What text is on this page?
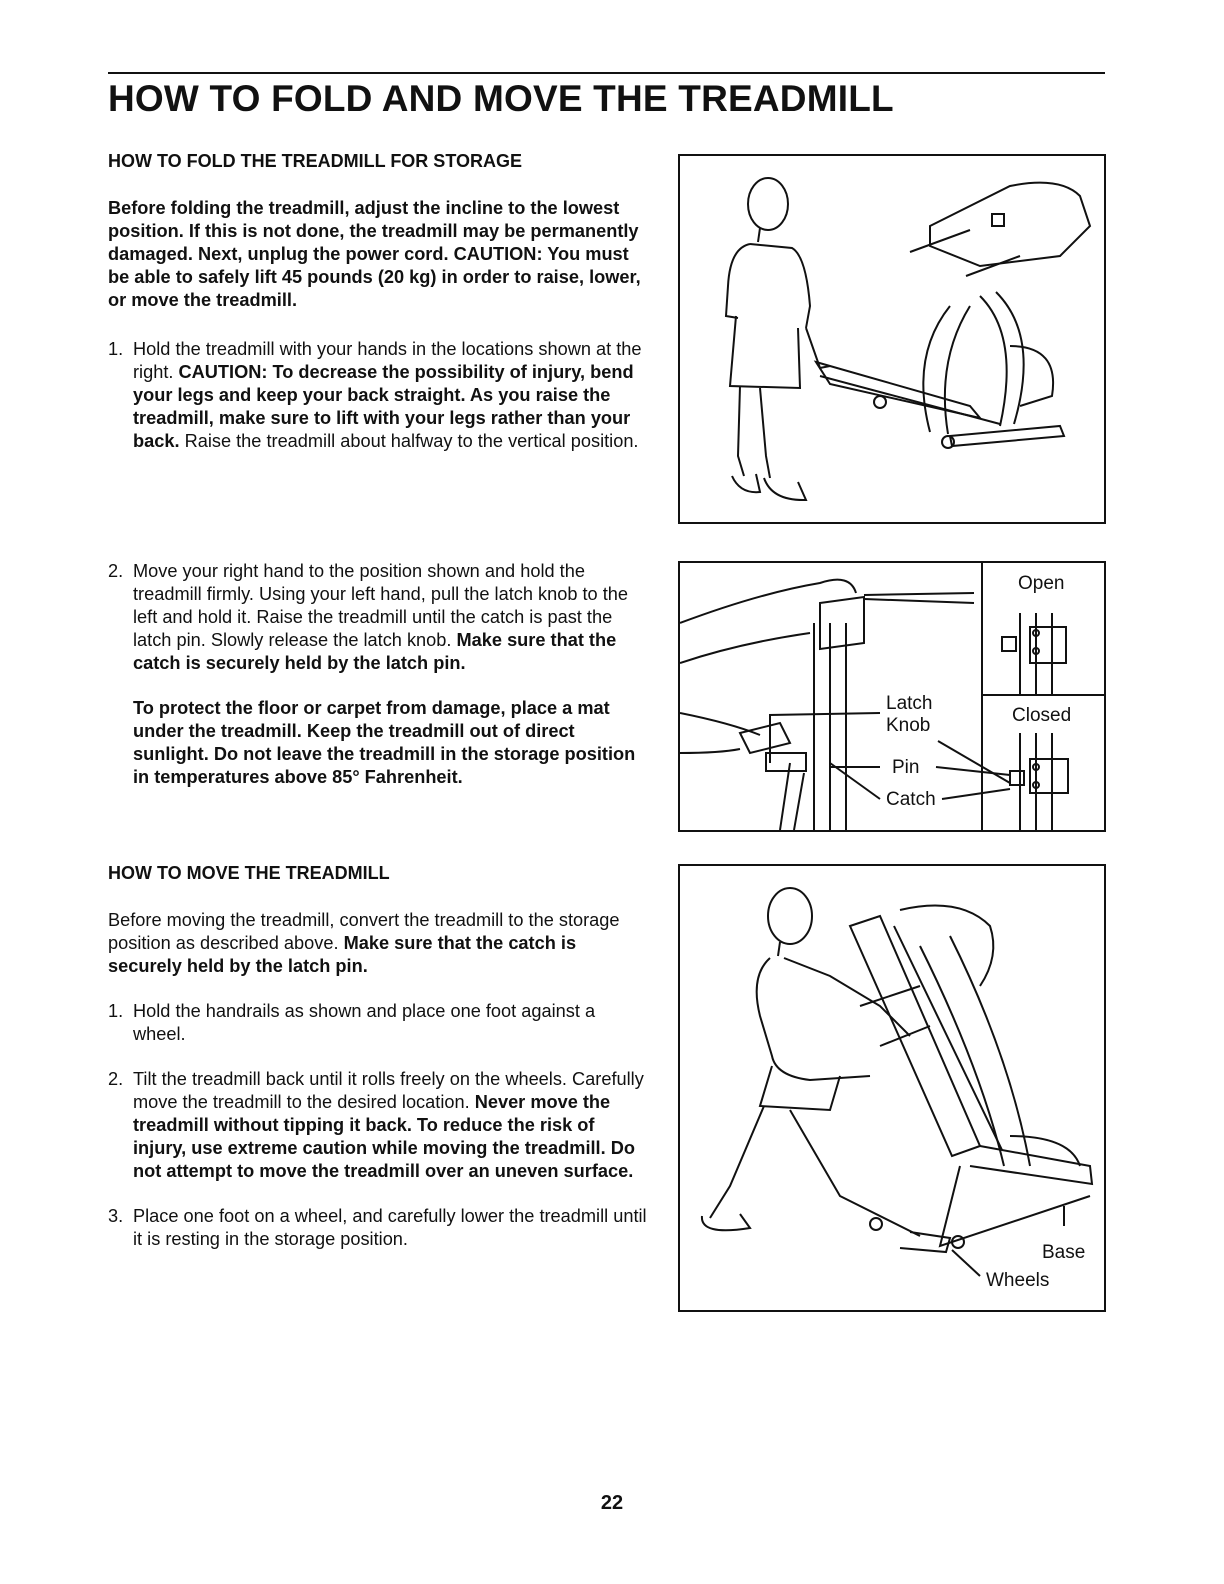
HOW TO FOLD AND MOVE THE TREADMILL

HOW TO FOLD THE TREADMILL FOR STORAGE

Before folding the treadmill, adjust the incline to the lowest position. If this is not done, the treadmill may be permanently damaged. Next, unplug the power cord. CAUTION: You must be able to safely lift 45 pounds (20 kg) in order to raise, lower, or move the treadmill.

1. Hold the treadmill with your hands in the locations shown at the right. CAUTION: To decrease the possibility of injury, bend your legs and keep your back straight. As you raise the treadmill, make sure to lift with your legs rather than your back. Raise the treadmill about halfway to the vertical position.
2. Move your right hand to the position shown and hold the treadmill firmly. Using your left hand, pull the latch knob to the left and hold it. Raise the treadmill until the catch is past the latch pin. Slowly release the latch knob. Make sure that the catch is securely held by the latch pin.
To protect the floor or carpet from damage, place a mat under the treadmill. Keep the treadmill out of direct sunlight. Do not leave the treadmill in the storage position in temperatures above 85° Fahrenheit.

HOW TO MOVE THE TREADMILL

Before moving the treadmill, convert the treadmill to the storage position as described above. Make sure that the catch is securely held by the latch pin.

1. Hold the handrails as shown and place one foot against a wheel.
2. Tilt the treadmill back until it rolls freely on the wheels. Carefully move the treadmill to the desired location. Never move the treadmill without tipping it back. To reduce the risk of injury, use extreme caution while moving the treadmill. Do not attempt to move the treadmill over an uneven surface.
3. Place one foot on a wheel, and carefully lower the treadmill until it is resting in the storage position.
Open
Closed
Latch
Knob
Pin
Catch
Base
Wheels
22
